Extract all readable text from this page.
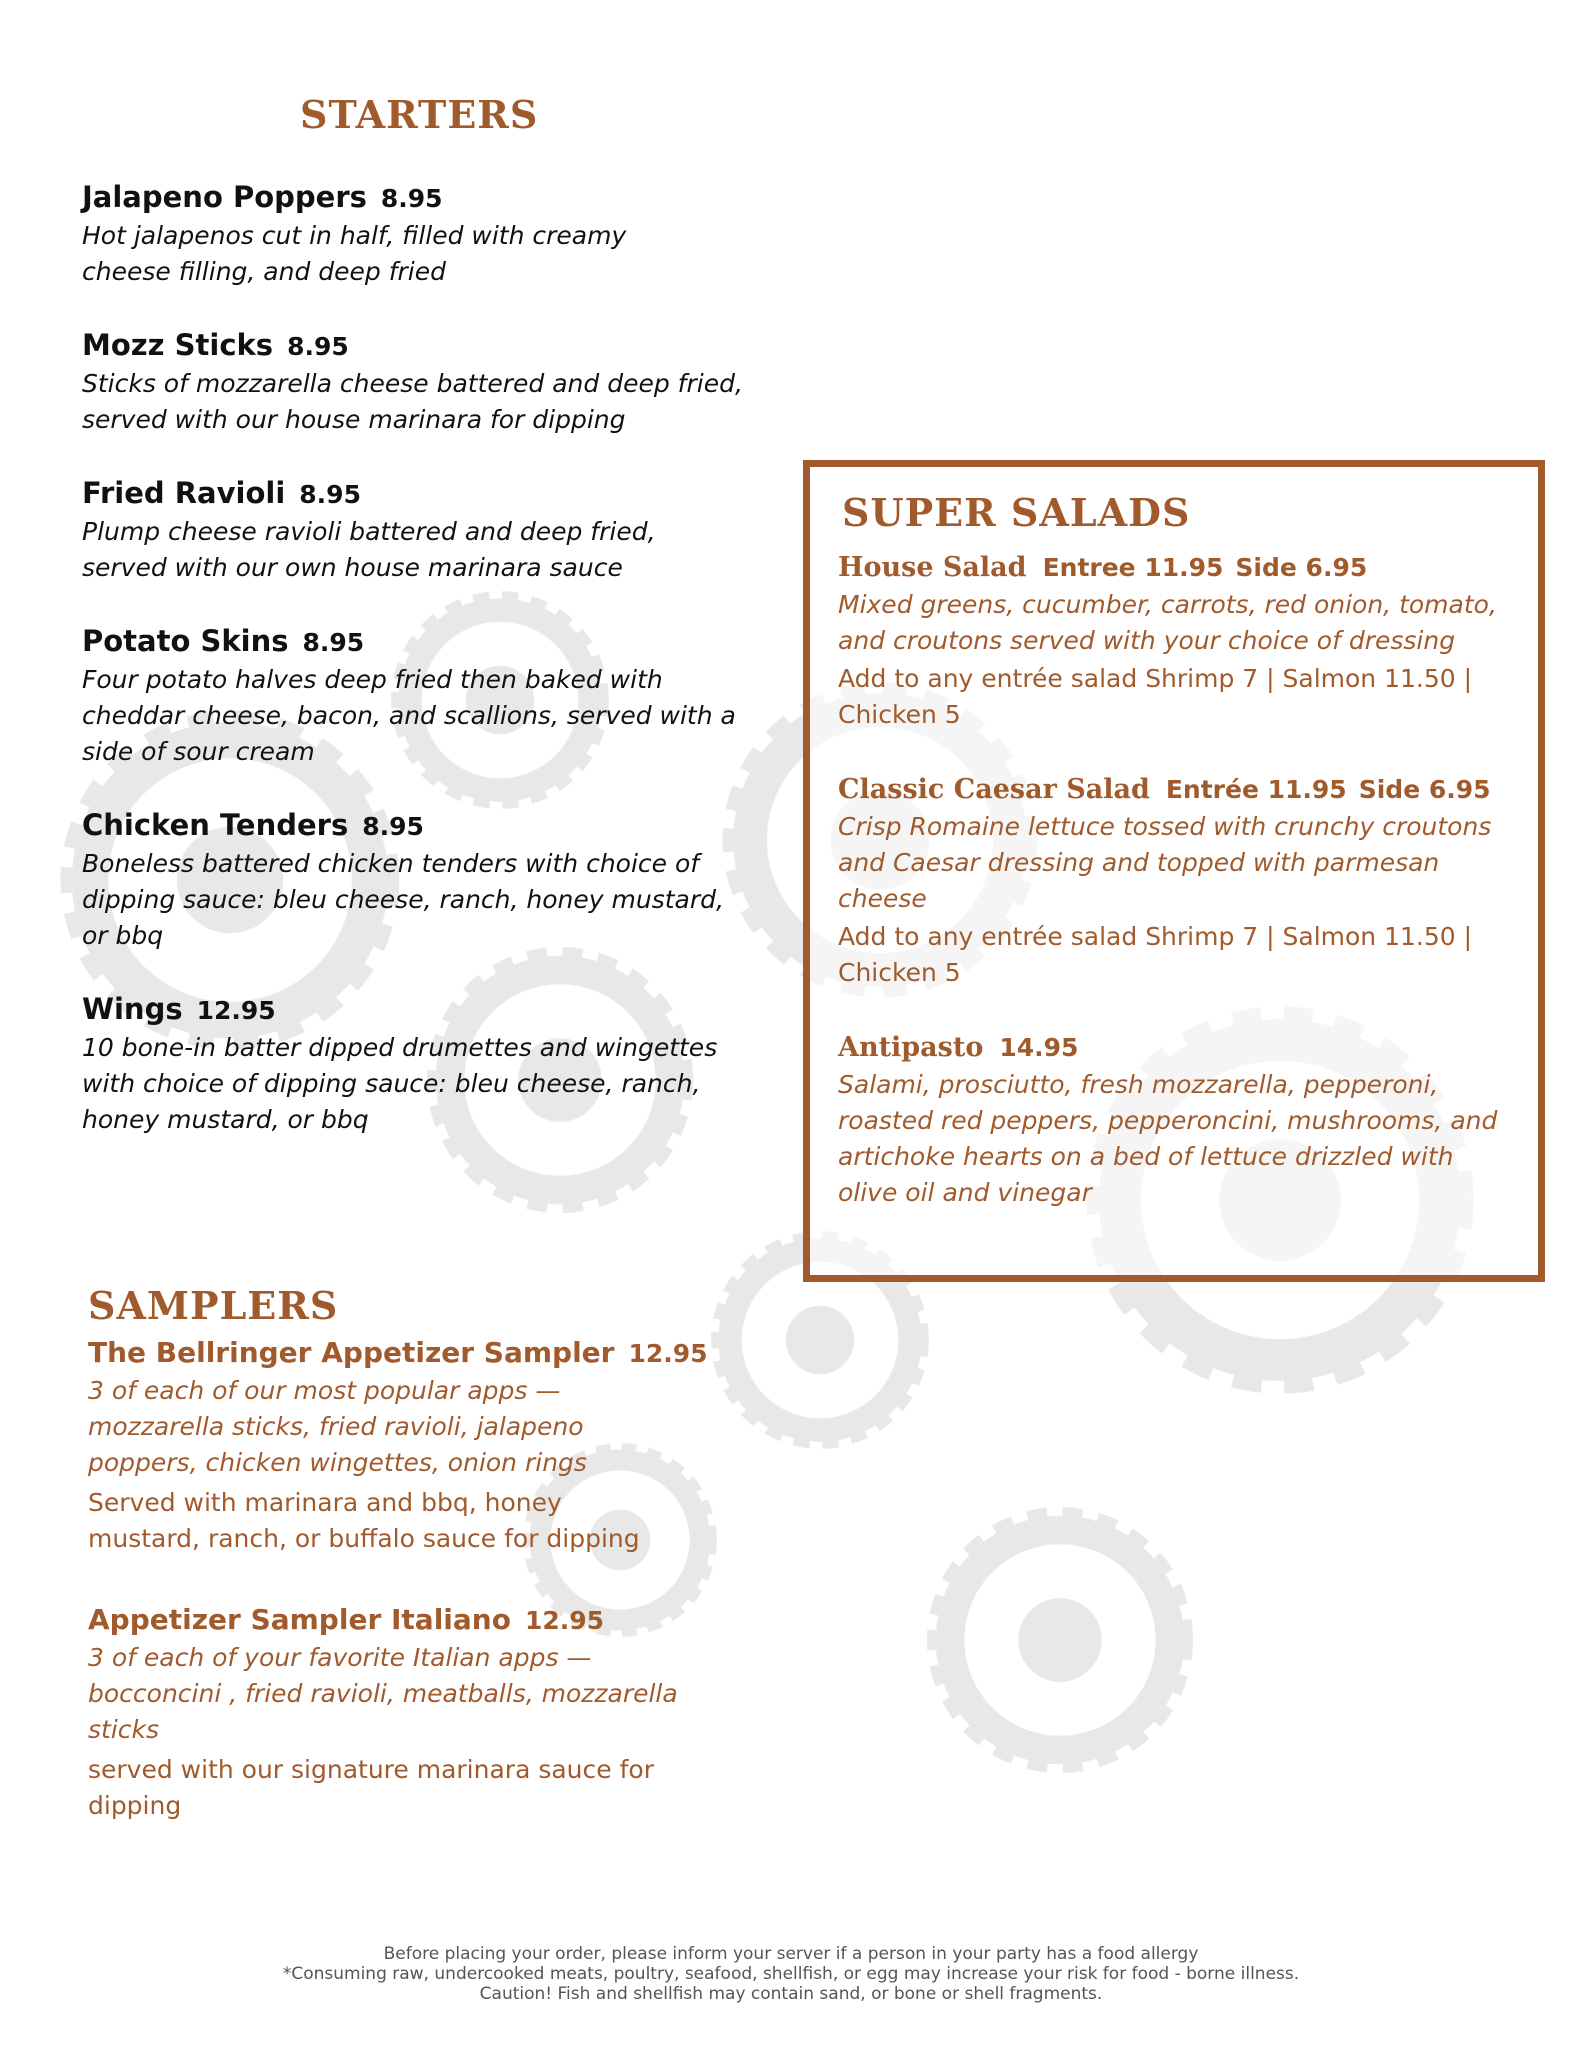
STARTERS
Jalapeno Poppers 8.95
Hot jalapenos cut in half, filled with creamy cheese filling, and deep fried
Mozz Sticks 8.95
Sticks of mozzarella cheese battered and deep fried, served with our house marinara for dipping
Fried Ravioli 8.95
Plump cheese ravioli battered and deep fried, served with our own house marinara sauce
Potato Skins 8.95
Four potato halves deep fried then baked with cheddar cheese, bacon, and scallions, served with a side of sour cream
Chicken Tenders 8.95
Boneless battered chicken tenders with choice of dipping sauce: bleu cheese, ranch, honey mustard, or bbq
Wings 12.95
10 bone-in batter dipped drumettes and wingettes with choice of dipping sauce: bleu cheese, ranch, honey mustard, or bbq
SAMPLERS
The Bellringer Appetizer Sampler 12.95
3 of each of our most popular apps — mozzarella sticks, fried ravioli, jalapeno poppers, chicken wingettes, onion rings
Served with marinara and bbq, honey mustard, ranch, or buffalo sauce for dipping
Appetizer Sampler Italiano 12.95
3 of each of your favorite Italian apps — bocconcini , fried ravioli, meatballs, mozzarella sticks
served with our signature marinara sauce for dipping
SUPER SALADS
House Salad Entree 11.95 Side 6.95
Mixed greens, cucumber, carrots, red onion, tomato, and croutons served with your choice of dressing
Add to any entrée salad Shrimp 7 | Salmon 11.50 | Chicken 5
Classic Caesar Salad Entrée 11.95 Side 6.95
Crisp Romaine lettuce tossed with crunchy croutons and Caesar dressing and topped with parmesan cheese
Add to any entrée salad Shrimp 7 | Salmon 11.50 | Chicken 5
Antipasto 14.95
Salami, prosciutto, fresh mozzarella, pepperoni, roasted red peppers, pepperoncini, mushrooms, and artichoke hearts on a bed of lettuce drizzled with olive oil and vinegar
Before placing your order, please inform your server if a person in your party has a food allergy
*Consuming raw, undercooked meats, poultry, seafood, shellfish, or egg may increase your risk for food - borne illness.
Caution! Fish and shellfish may contain sand, or bone or shell fragments.
